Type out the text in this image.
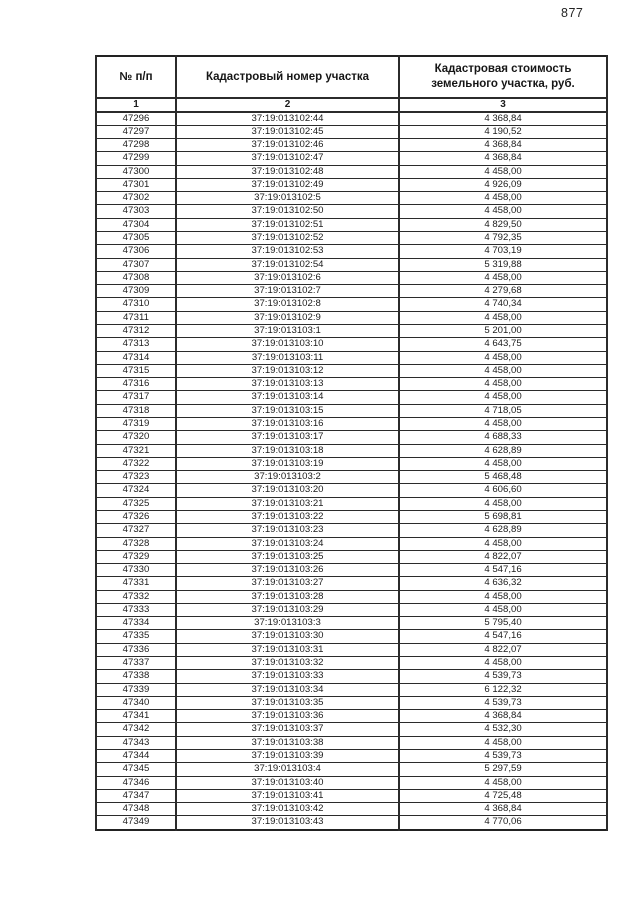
877
№ п/п	Кадастровый номер участка	Кадастровая стоимость земельного участка, руб.
1	2	3
47296	37:19:013102:44	4 368,84
47297	37:19:013102:45	4 190,52
47298	37:19:013102:46	4 368,84
47299	37:19:013102:47	4 368,84
47300	37:19:013102:48	4 458,00
47301	37:19:013102:49	4 926,09
47302	37:19:013102:5	4 458,00
47303	37:19:013102:50	4 458,00
47304	37:19:013102:51	4 829,50
47305	37:19:013102:52	4 792,35
47306	37:19:013102:53	4 703,19
47307	37:19:013102:54	5 319,88
47308	37:19:013102:6	4 458,00
47309	37:19:013102:7	4 279,68
47310	37:19:013102:8	4 740,34
47311	37:19:013102:9	4 458,00
47312	37:19:013103:1	5 201,00
47313	37:19:013103:10	4 643,75
47314	37:19:013103:11	4 458,00
47315	37:19:013103:12	4 458,00
47316	37:19:013103:13	4 458,00
47317	37:19:013103:14	4 458,00
47318	37:19:013103:15	4 718,05
47319	37:19:013103:16	4 458,00
47320	37:19:013103:17	4 688,33
47321	37:19:013103:18	4 628,89
47322	37:19:013103:19	4 458,00
47323	37:19:013103:2	5 468,48
47324	37:19:013103:20	4 606,60
47325	37:19:013103:21	4 458,00
47326	37:19:013103:22	5 698,81
47327	37:19:013103:23	4 628,89
47328	37:19:013103:24	4 458,00
47329	37:19:013103:25	4 822,07
47330	37:19:013103:26	4 547,16
47331	37:19:013103:27	4 636,32
47332	37:19:013103:28	4 458,00
47333	37:19:013103:29	4 458,00
47334	37:19:013103:3	5 795,40
47335	37:19:013103:30	4 547,16
47336	37:19:013103:31	4 822,07
47337	37:19:013103:32	4 458,00
47338	37:19:013103:33	4 539,73
47339	37:19:013103:34	6 122,32
47340	37:19:013103:35	4 539,73
47341	37:19:013103:36	4 368,84
47342	37:19:013103:37	4 532,30
47343	37:19:013103:38	4 458,00
47344	37:19:013103:39	4 539,73
47345	37:19:013103:4	5 297,59
47346	37:19:013103:40	4 458,00
47347	37:19:013103:41	4 725,48
47348	37:19:013103:42	4 368,84
47349	37:19:013103:43	4 770,06
